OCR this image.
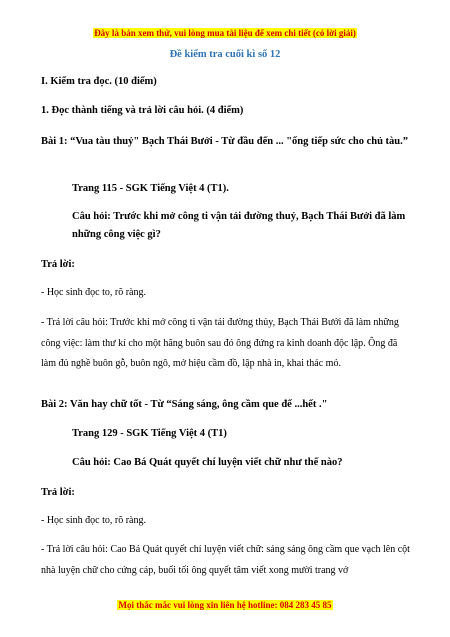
Đây là bản xem thử, vui lòng mua tài liệu để xem chi tiết (có lời giải)
Đề kiểm tra cuối kì số 12
I. Kiểm tra đọc. (10 điểm)
1. Đọc thành tiếng và trả lời câu hỏi. (4 điểm)
Bài 1: “Vua tàu thuỷ" Bạch Thái Bưởi - Từ đầu đến ... "ống tiếp sức cho chủ tàu.”
Trang 115 - SGK Tiếng Việt 4 (T1).
Câu hỏi: Trước khi mở công ti vận tải đường thuỷ, Bạch Thái Bưởi đã làm những công việc gì?
Trả lời:
- Học sinh đọc to, rõ ràng.
- Trả lời câu hỏi: Trước khi mở công ti vận tải đường thủy, Bạch Thái Bưởi đã làm những công việc: làm thư kí cho một hãng buôn sau đó ông đứng ra kinh doanh độc lập. Ông đã làm đủ nghề buôn gỗ, buôn ngô, mở hiệu cầm đồ, lập nhà in, khai thác mỏ.
Bài 2: Văn hay chữ tốt - Từ “Sáng sáng, ông cầm que để ...hết ."
Trang 129 - SGK Tiếng Việt 4 (T1)
Câu hỏi: Cao Bá Quát quyết chí luyện viết chữ như thế nào?
Trả lời:
- Học sinh đọc to, rõ ràng.
- Trả lời câu hỏi: Cao Bá Quát quyết chí luyện viết chữ: sáng sáng ông cầm que vạch lên cột nhà luyện chữ cho cứng cáp, buổi tối ông quyết tâm viết xong mười trang vở
Mọi thắc mắc vui lòng xin liên hệ hotline: 084 283 45 85
